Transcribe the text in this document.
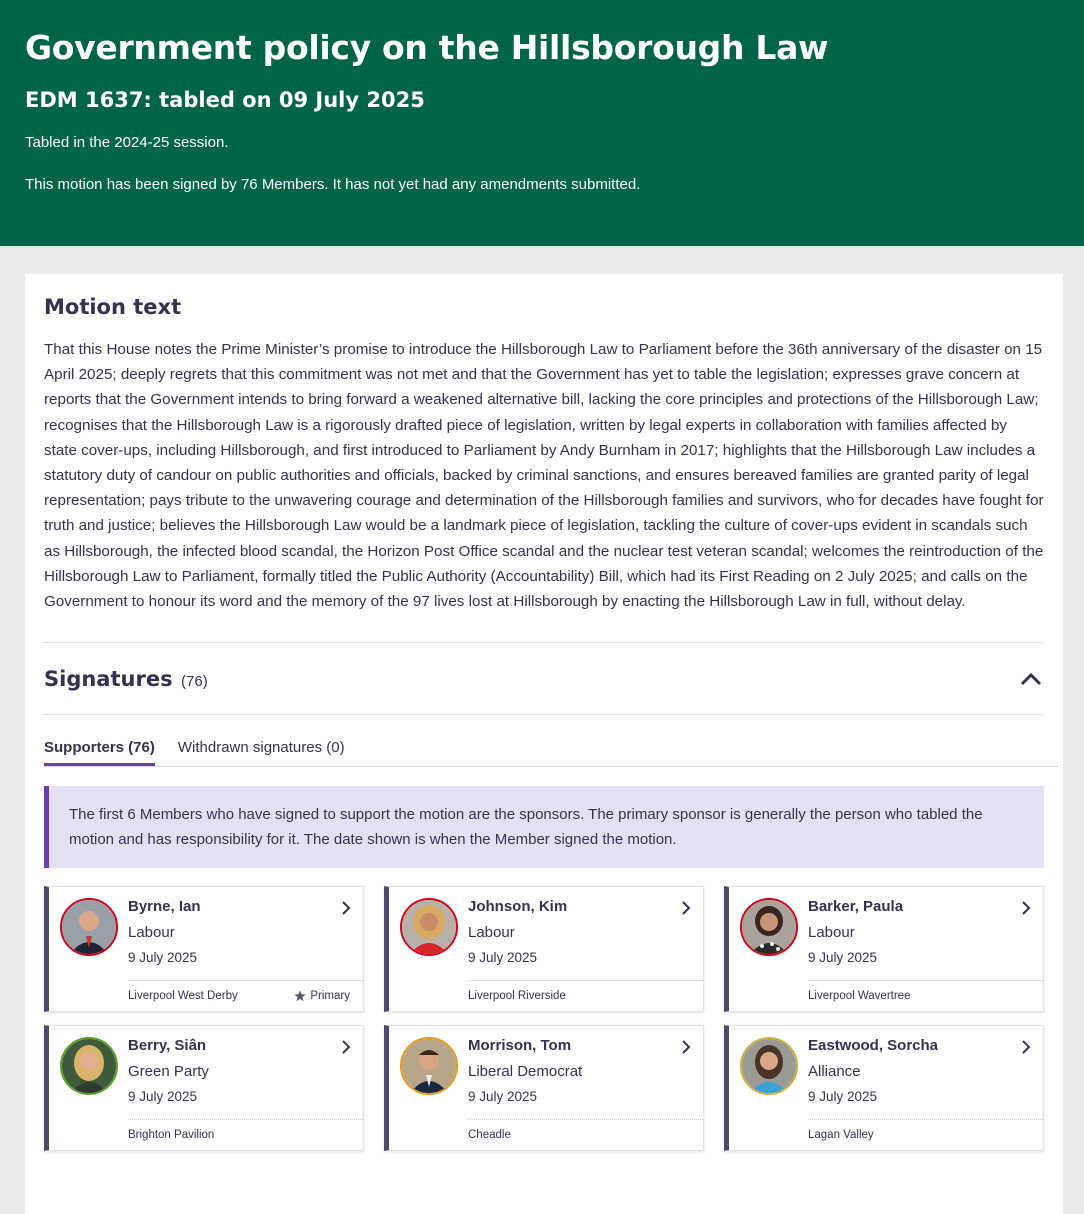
Government policy on the Hillsborough Law
EDM 1637: tabled on 09 July 2025

Tabled in the 2024-25 session.

This motion has been signed by 76 Members. It has not yet had any amendments submitted.

Motion text

That this House notes the Prime Minister’s promise to introduce the Hillsborough Law to Parliament before the 36th anniversary of the disaster on 15 April 2025; deeply regrets that this commitment was not met and that the Government has yet to table the legislation; expresses grave concern at reports that the Government intends to bring forward a weakened alternative bill, lacking the core principles and protections of the Hillsborough Law; recognises that the Hillsborough Law is a rigorously drafted piece of legislation, written by legal experts in collaboration with families affected by state cover-ups, including Hillsborough, and first introduced to Parliament by Andy Burnham in 2017; highlights that the Hillsborough Law includes a statutory duty of candour on public authorities and officials, backed by criminal sanctions, and ensures bereaved families are granted parity of legal representation; pays tribute to the unwavering courage and determination of the Hillsborough families and survivors, who for decades have fought for truth and justice; believes the Hillsborough Law would be a landmark piece of legislation, tackling the culture of cover-ups evident in scandals such as Hillsborough, the infected blood scandal, the Horizon Post Office scandal and the nuclear test veteran scandal; welcomes the reintroduction of the Hillsborough Law to Parliament, formally titled the Public Authority (Accountability) Bill, which had its First Reading on 2 July 2025; and calls on the Government to honour its word and the memory of the 97 lives lost at Hillsborough by enacting the Hillsborough Law in full, without delay.

Signatures (76)
Supporters (76) Withdrawn signatures (0)
The first 6 Members who have signed to support the motion are the sponsors. The primary sponsor is generally the person who tabled the motion and has responsibility for it. The date shown is when the Member signed the motion.
Byrne, Ian
Labour
9 July 2025
Liverpool West Derby	Primary
Johnson, Kim
Labour
9 July 2025
Liverpool Riverside
Barker, Paula
Labour
9 July 2025
Liverpool Wavertree
Berry, Siân
Green Party
9 July 2025
Brighton Pavilion
Morrison, Tom
Liberal Democrat
9 July 2025
Cheadle
Eastwood, Sorcha
Alliance
9 July 2025
Lagan Valley
